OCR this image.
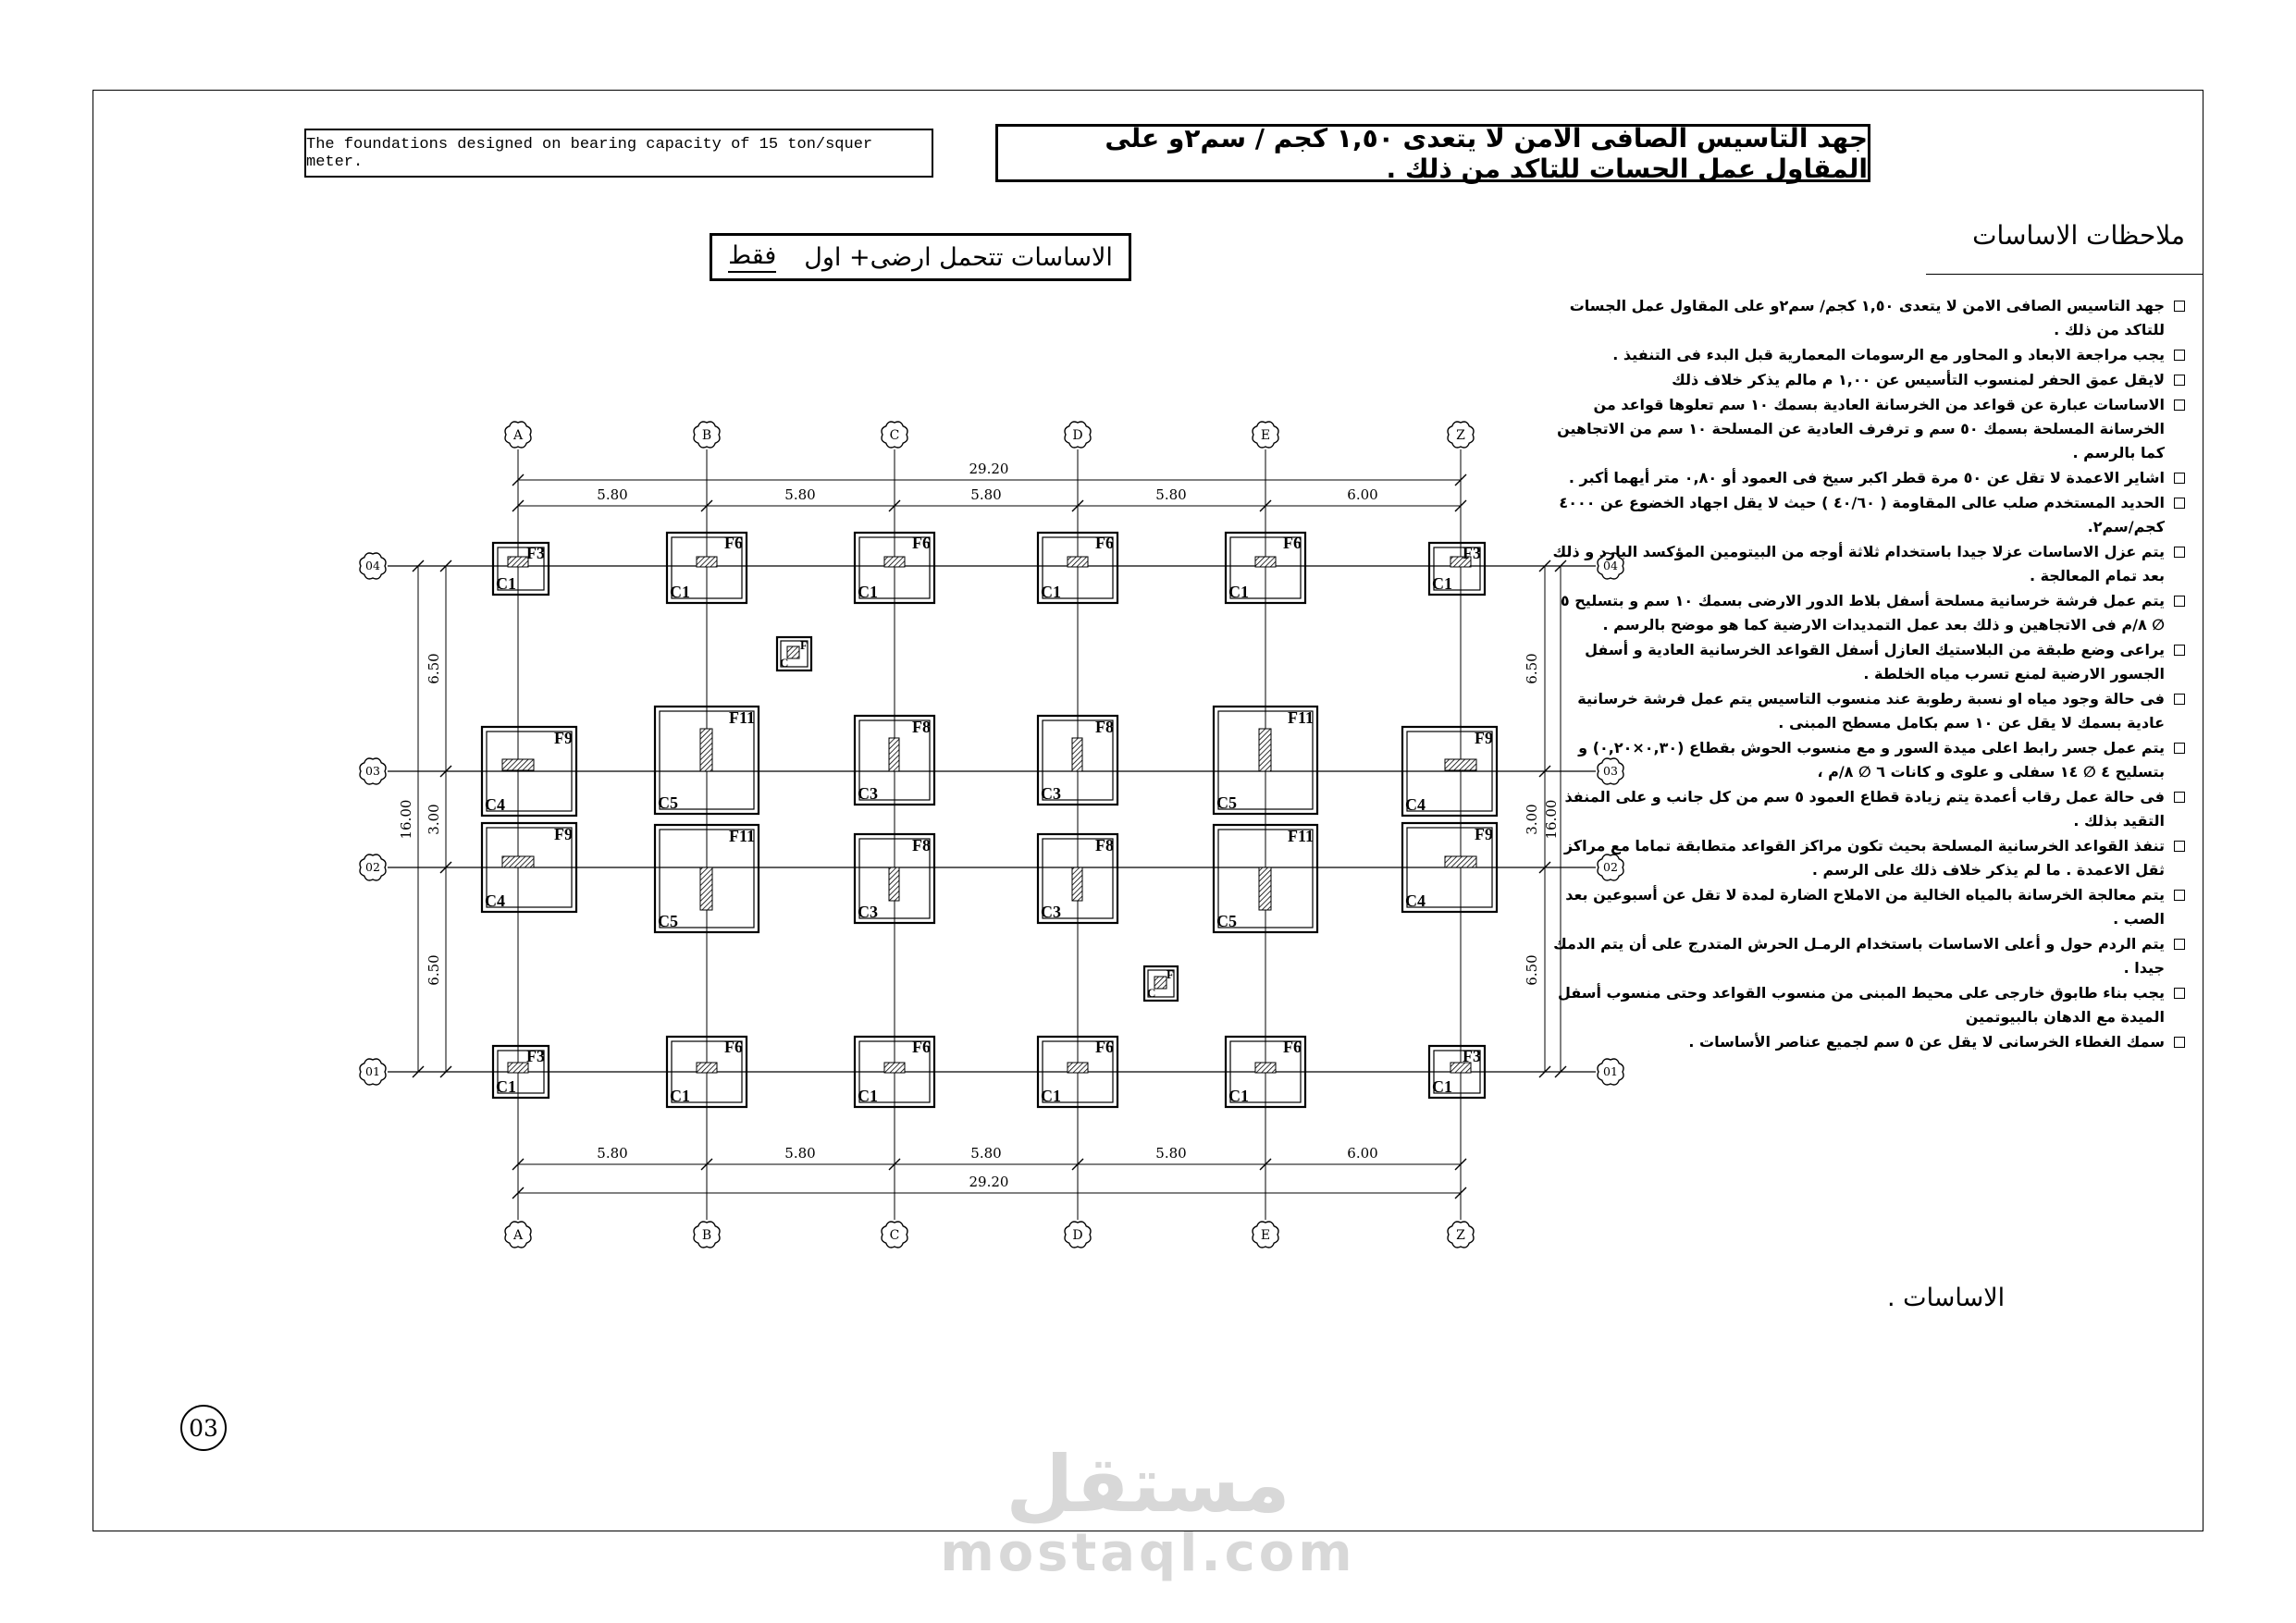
مستقل
mostaql.com
29.20
5.80	5.80	5.80	5.80	6.00
5.80	5.80	5.80	5.80	6.00
29.20
16.00
6.50
3.00
6.50
6.50
3.00
6.50
16.00
A	B	C	D	E	Z
A	B	C	D	E	Z
04
03
02
01
04
03
02
01
F3
C1
F6
C1
F6
C1
F6
C1
F6
C1
F3
C1
F9
C4
F11
C5
F8
C3
F8
C3
F11
C5
F9
C4
F9
C4
F11
C5
F8
C3
F8
C3
F11
C5
F9
C4
F3
C1
F6
C1
F6
C1
F6
C1
F6
C1
F3
C1
F
C
F
C
The foundations designed on bearing capacity of 15 ton/squer meter.
جهد التاسيس الصافى الامن لا يتعدى ١,٥٠ كجم / سم٢و على المقاول عمل الجسات للتاكد من ذلك .
الاساسات تتحمل ارضى+ اول
فقط
ملاحظات الاساسات
جهد التاسيس الصافى الامن لا يتعدى ١,٥٠ كجم/ سم٢و على المقاول عمل الجسات للتاكد من ذلك .
يجب مراجعة الابعاد و المحاور مع الرسومات المعمارية قبل البدء فى التنفيذ .
لايقل عمق الحفر لمنسوب التأسيس عن ١,٠٠ م مالم يذكر خلاف ذلك
الاساسات عبارة عن قواعد من الخرسانة العادية بسمك ١٠ سم تعلوها قواعد من الخرسانة المسلحة بسمك ٥٠ سم و ترفرف العادية عن المسلحة ١٠ سم من الاتجاهين كما بالرسم .
اشاير الاعمدة لا تقل عن ٥٠ مرة قطر اكبر سيخ فى العمود أو ٠,٨٠ متر أيهما أكبر .
الحديد المستخدم صلب عالى المقاومة ( ٤٠/٦٠ ) حيث لا يقل اجهاد الخضوع عن ٤٠٠٠ كجم/سم٢.
يتم عزل الاساسات عزلا جيدا باستخدام ثلاثة أوجه من البيتومين المؤكسد البارد و ذلك بعد تمام المعالجة .
يتم عمل فرشة خرسانية مسلحة أسفل بلاط الدور الارضى بسمك ١٠ سم و بتسليح ٥ ∅ ٨/م فى الاتجاهين و ذلك بعد عمل التمديدات الارضية كما هو موضح بالرسم .
يراعى وضع طبقة من البلاستيك العازل أسفل القواعد الخرسانية العادية و أسفل الجسور الارضية لمنع تسرب مياه الخلطة .
فى حالة وجود مياه او نسبة رطوبة عند منسوب التاسيس يتم عمل فرشة خرسانية عادية بسمك لا يقل عن ١٠ سم بكامل مسطح المبنى .
يتم عمل جسر رابط اعلى ميدة السور و مع منسوب الحوش بقطاع (٠,٣٠×٠,٢٠) و بتسليح ٤ ∅ ١٤ سفلى و علوى و كانات ٦ ∅ ٨/م ،
فى حالة عمل رقاب أعمدة يتم زيادة قطاع العمود ٥ سم من كل جانب و على المنفذ التقيد بذلك .
تنفذ القواعد الخرسانية المسلحة بحيث تكون مراكز القواعد متطابقة تماما مع مراكز ثقل الاعمدة . ما لم يذكر خلاف ذلك على الرسم .
يتم معالجة الخرسانة بالمياه الخالية من الاملاح الضارة لمدة لا تقل عن أسبوعين بعد الصب .
يتم الردم حول و أعلى الاساسات باستخدام الرمـل الحرش المتدرج على أن يتم الدمك جيدا .
يجب بناء طابوق خارجى على محيط المبنى من منسوب القواعد وحتى منسوب أسفل الميدة مع الدهان بالبيوتمين
سمك الغطاء الخرسانى لا يقل عن ٥ سم لجميع عناصر الأساسات .
الاساسات .
03
